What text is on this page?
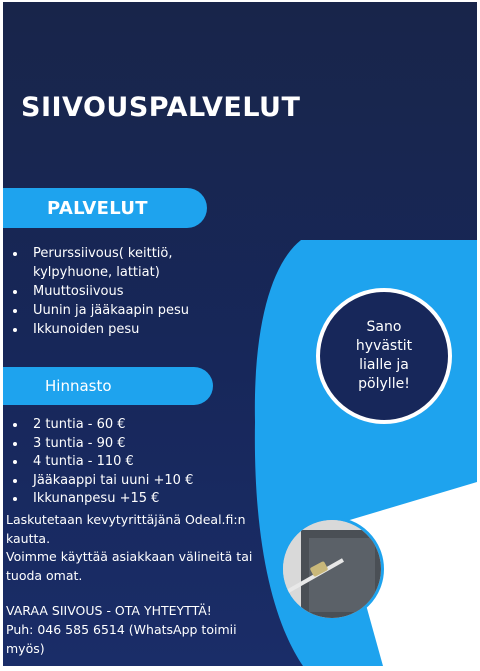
SIIVOUSPALVELUT
PALVELUT
• Perurssiivous( keittiö, kylpyhuone, lattiat)
• Muuttosiivous
• Uunin ja jääkaapin pesu
• Ikkunoiden pesu
Hinnasto
• 2 tuntia - 60 €
• 3 tuntia - 90 €
• 4 tuntia - 110 €
• Jääkaappi tai uuni +10 €
• Ikkunanpesu +15 €

Laskutetaan kevytyrittäjänä Odeal.fi:n kautta.

Voimme käyttää asiakkaan välineitä tai tuoda omat.

VARAA SIIVOUS - OTA YHTEYTTÄ!

Puh: 046 585 6514 (WhatsApp toimii myös)

Sano hyvästit lialle ja pölylle!
